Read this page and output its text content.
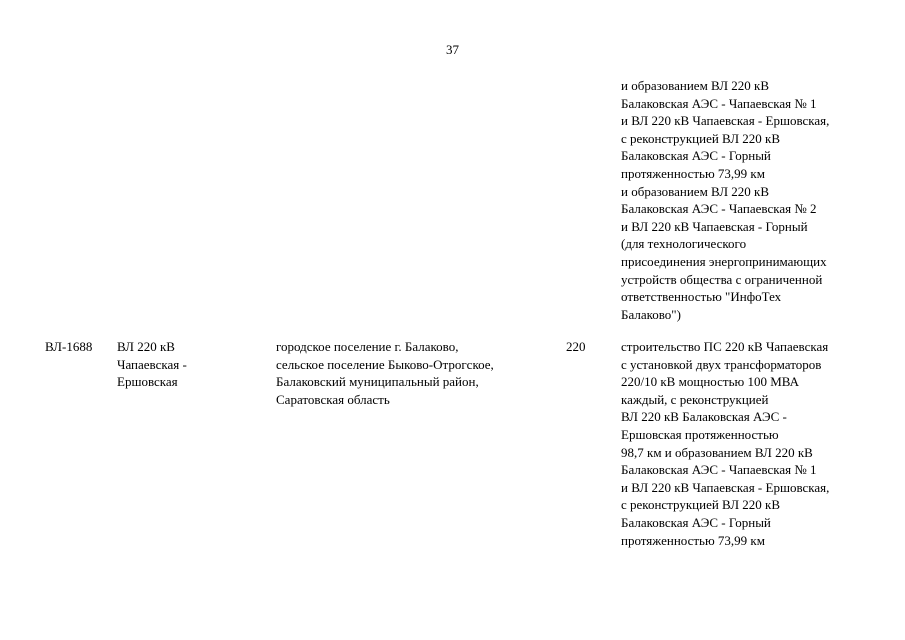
37
и образованием ВЛ 220 кВ
Балаковская АЭС - Чапаевская № 1
и ВЛ 220 кВ Чапаевская - Ершовская,
с реконструкцией ВЛ 220 кВ
Балаковская АЭС - Горный
протяженностью 73,99 км
и образованием ВЛ 220 кВ
Балаковская АЭС - Чапаевская № 2
и ВЛ 220 кВ Чапаевская - Горный
(для технологического
присоединения энергопринимающих
устройств общества с ограниченной
ответственностью "ИнфоТех
Балаково")
ВЛ-1688	ВЛ 220 кВ
Чапаевская -
Ершовская
городское поселение г. Балаково,
сельское поселение Быково-Отрогское,
Балаковский муниципальный район,
Саратовская область
220	строительство ПС 220 кВ Чапаевская
с установкой двух трансформаторов
220/10 кВ мощностью 100 МВА
каждый, с реконструкцией
ВЛ 220 кВ Балаковская АЭС -
Ершовская протяженностью
98,7 км и образованием ВЛ 220 кВ
Балаковская АЭС - Чапаевская № 1
и ВЛ 220 кВ Чапаевская - Ершовская,
с реконструкцией ВЛ 220 кВ
Балаковская АЭС - Горный
протяженностью 73,99 км
